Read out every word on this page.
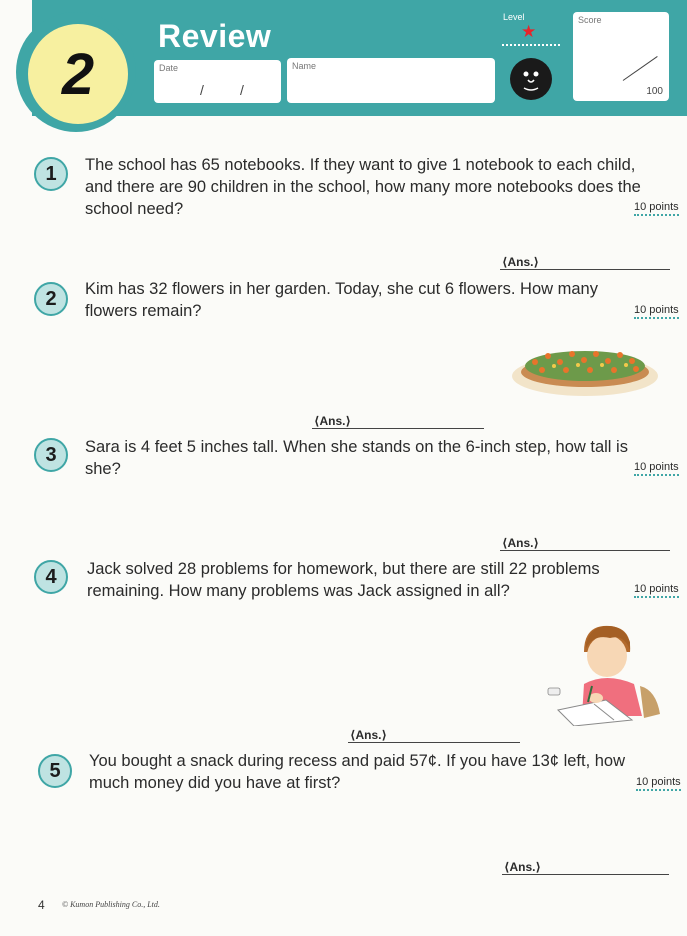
2
Review
Date
/	/
Name
Level
★
Score
100
1	The school has 65 notebooks. If they want to give 1 notebook to each child, and there are 90 children in the school, how many more notebooks does the school need?	10 points
⟨Ans.⟩
2	Kim has 32 flowers in her garden. Today, she cut 6 flowers. How many flowers remain?	10 points
⟨Ans.⟩
3	Sara is 4 feet 5 inches tall. When she stands on the 6-inch step, how tall is she?	10 points
⟨Ans.⟩
4	Jack solved 28 problems for homework, but there are still 22 problems remaining. How many problems was Jack assigned in all?	10 points
⟨Ans.⟩
5	You bought a snack during recess and paid 57¢. If you have 13¢ left, how much money did you have at first?	10 points
⟨Ans.⟩
4 © Kumon Publishing Co., Ltd.
